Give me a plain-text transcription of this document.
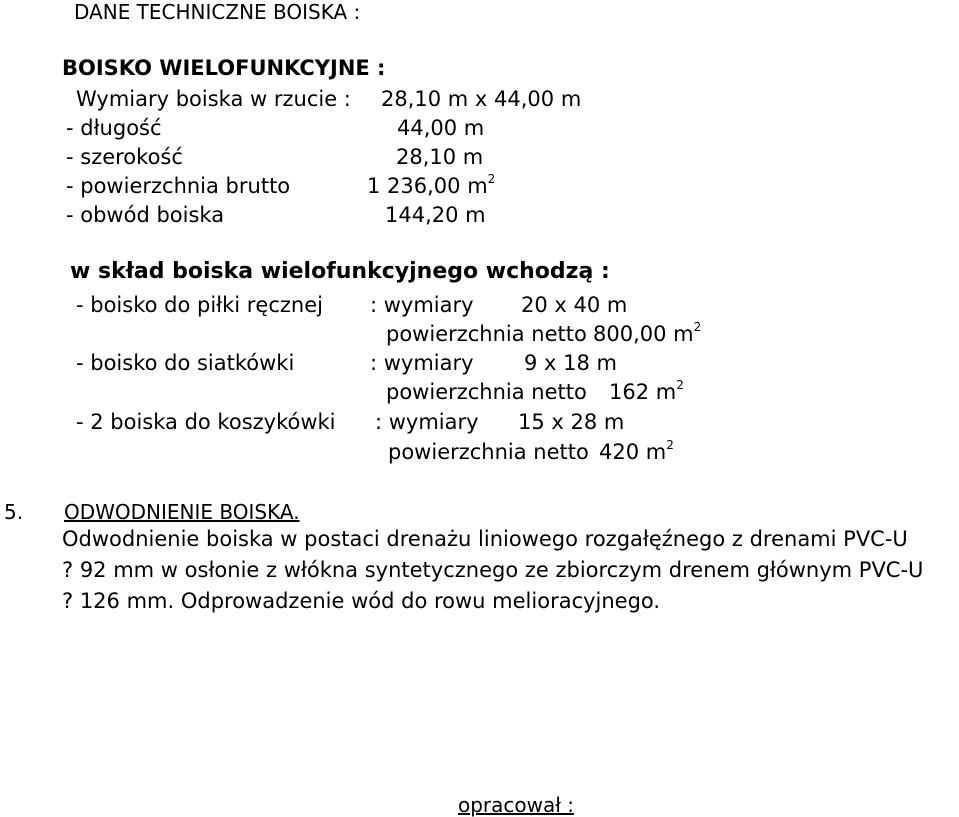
DANE TECHNICZNE BOISKA :
BOISKO WIELOFUNKCYJNE :
Wymiary boiska w rzucie : 28,10 m x 44,00 m
- długość	44,00 m
- szerokość	28,10 m
- powierzchnia brutto	1 236,00 $m^2$
- obwód boiska	144,20 m
w skład boiska wielofunkcyjnego wchodzą :
- boisko do piłki ręcznej : wymiary 20 x 40 m
powierzchnia netto 800,00 $m^2$
- boisko do siatkówki	: wymiary 9 x 18 m
powierzchnia netto 162 $m^2$
- 2 boiska do koszykówki : wymiary 15 x 28 m
powierzchnia netto 420 $m^2$
5. ODWODNIENIE BOISKA.
Odwodnienie boiska w postaci drenażu liniowego rozgałęźnego z drenami PVC-U
? 92 mm w osłonie z włókna syntetycznego ze zbiorczym drenem głównym PVC-U
? 126 mm. Odprowadzenie wód do rowu melioracyjnego.
opracował :
